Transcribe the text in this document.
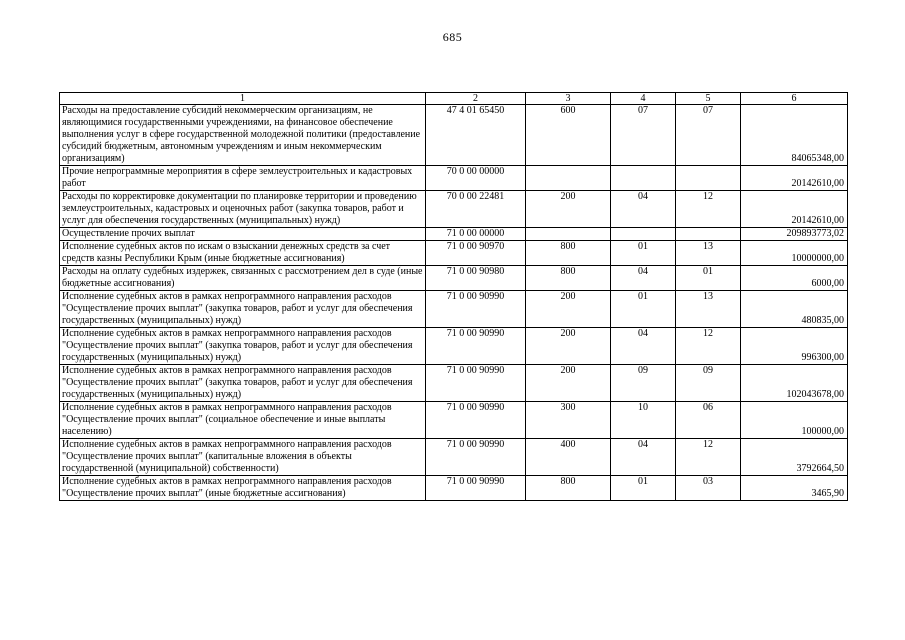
685
1	2	3	4	5	6
Расходы на предоставление субсидий некоммерческим организациям, не являющимися государственными учреждениями, на финансовое обеспечение выполнения услуг в сфере государственной молодежной политики (предоставление субсидий бюджетным, автономным учреждениям и иным некоммерческим организациям)	47 4 01 65450	600	07	07	84065348,00
Прочие непрограммные мероприятия в сфере землеустроительных и кадастровых работ	70 0 00 00000				20142610,00
Расходы по корректировке документации по планировке территории и проведению землеустроительных, кадастровых и оценочных работ (закупка товаров, работ и услуг для обеспечения государственных (муниципальных) нужд)	70 0 00 22481	200	04	12	20142610,00
Осуществление прочих выплат	71 0 00 00000				209893773,02
Исполнение судебных актов по искам о взыскании денежных средств за счет средств казны Республики Крым (иные бюджетные ассигнования)	71 0 00 90970	800	01	13	10000000,00
Расходы на оплату судебных издержек, связанных с рассмотрением дел в суде (иные бюджетные ассигнования)	71 0 00 90980	800	04	01	6000,00
Исполнение судебных актов в рамках непрограммного направления расходов "Осуществление прочих выплат" (закупка товаров, работ и услуг для обеспечения государственных (муниципальных) нужд)	71 0 00 90990	200	01	13	480835,00
Исполнение судебных актов в рамках непрограммного направления расходов "Осуществление прочих выплат" (закупка товаров, работ и услуг для обеспечения государственных (муниципальных) нужд)	71 0 00 90990	200	04	12	996300,00
Исполнение судебных актов в рамках непрограммного направления расходов "Осуществление прочих выплат" (закупка товаров, работ и услуг для обеспечения государственных (муниципальных) нужд)	71 0 00 90990	200	09	09	102043678,00
Исполнение судебных актов в рамках непрограммного направления расходов "Осуществление прочих выплат" (социальное обеспечение и иные выплаты населению)	71 0 00 90990	300	10	06	100000,00
Исполнение судебных актов в рамках непрограммного направления расходов "Осуществление прочих выплат" (капитальные вложения в объекты государственной (муниципальной) собственности)	71 0 00 90990	400	04	12	3792664,50
Исполнение судебных актов в рамках непрограммного направления расходов "Осуществление прочих выплат" (иные бюджетные ассигнования)	71 0 00 90990	800	01	03	3465,90
